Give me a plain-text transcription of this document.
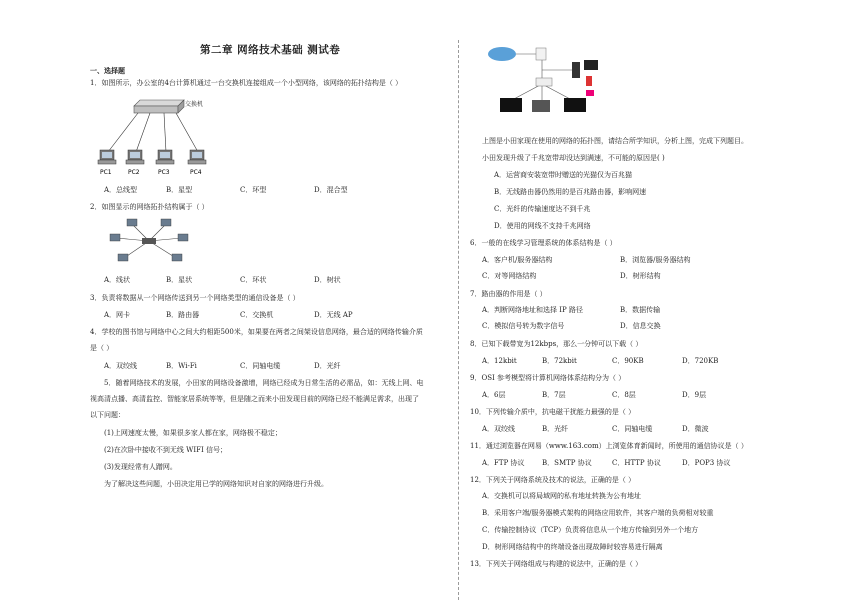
第二章 网络技术基础 测试卷
一、选择题
1．如图所示，办公室的4台计算机通过一台交换机连接组成一个小型网络，该网络的拓扑结构是（ ）
交换机
PC1	PC2	PC3	PC4
A．总线型	B．星型	C．环型	D．混合型
2．如图显示的网络拓扑结构属于（ ）
A．线状	B．星状	C．环状	D．树状
3．负责将数据从一个网络传送到另一个网络类型的通信设备是（ ）
A．网卡	B．路由器	C．交换机	D．无线 AP
4．学校的图书馆与网络中心之间大约相距500米，如果要在两者之间架设信息网络，最合适的网络传输介质
是（ ）
A．双绞线	B．Wi-Fi	C．同轴电缆	D．光纤
5．随着网络技术的发展，小田家的网络设备激增，网络已经成为日常生活的必需品，如：无线上网、电
视高清点播、高清监控、智能家居系统等等，但是随之而来小田发现目前的网络已经不能满足需求，出现了
以下问题：
(1)上网速度太慢，如果很多家人都在家，网络极不稳定；
(2)在次卧中接收不到无线 WIFI 信号；
(3)发现经常有人蹭网。
为了解决这些问题，小田决定用已学的网络知识对自家的网络进行升级。
上图是小田家现在使用的网络的拓扑图，请结合所学知识，分析上图，完成下列题目。
小田发现升级了千兆宽带却没达到满速，不可能的原因是( )
A．运营商安装宽带时赠送的光猫仅为百兆猫
B．无线路由器仍然用的是百兆路由器，影响网速
C．光纤的传输速度达不到千兆
D．使用的网线不支持千兆网络
6．一般的在线学习管理系统的体系结构是（ ）
A．客户机/服务器结构	B．浏览器/服务器结构
C．对等网络结构	D．树形结构
7．路由器的作用是（ ）
A．判断网络地址和选择 IP 路径	B．数据传输
C．模拟信号转为数字信号	D．信息交换
8．已知下载带宽为12kbps，那么一分钟可以下载（ ）
A．12kbit	B．72kbit	C．90KB	D．720KB
9．OSI 参考模型将计算机网络体系结构分为（ ）
A．6层	B．7层	C．8层	D．9层
10．下列传输介质中，抗电磁干扰能力最强的是（ ）
A．双绞线	B．光纤	C．同轴电缆	D．微波
11．通过浏览器在网易（www.163.com）上浏览体育新闻时，所使用的通信协议是（ ）
A．FTP 协议 B．SMTP 协议	C．HTTP 协议	D．POP3 协议
12．下列关于网络系统及技术的说法，正确的是（ ）
A．交换机可以将局域网的私有地址转换为公有地址
B．采用客户端/服务器模式架构的网络应用软件，其客户端的负荷相对较重
C．传输控制协议（TCP）负责将信息从一个地方传输到另外一个地方
D．树形网络结构中的终端设备出现故障时较容易进行隔离
13．下列关于网络组成与构建的说法中，正确的是（ ）
